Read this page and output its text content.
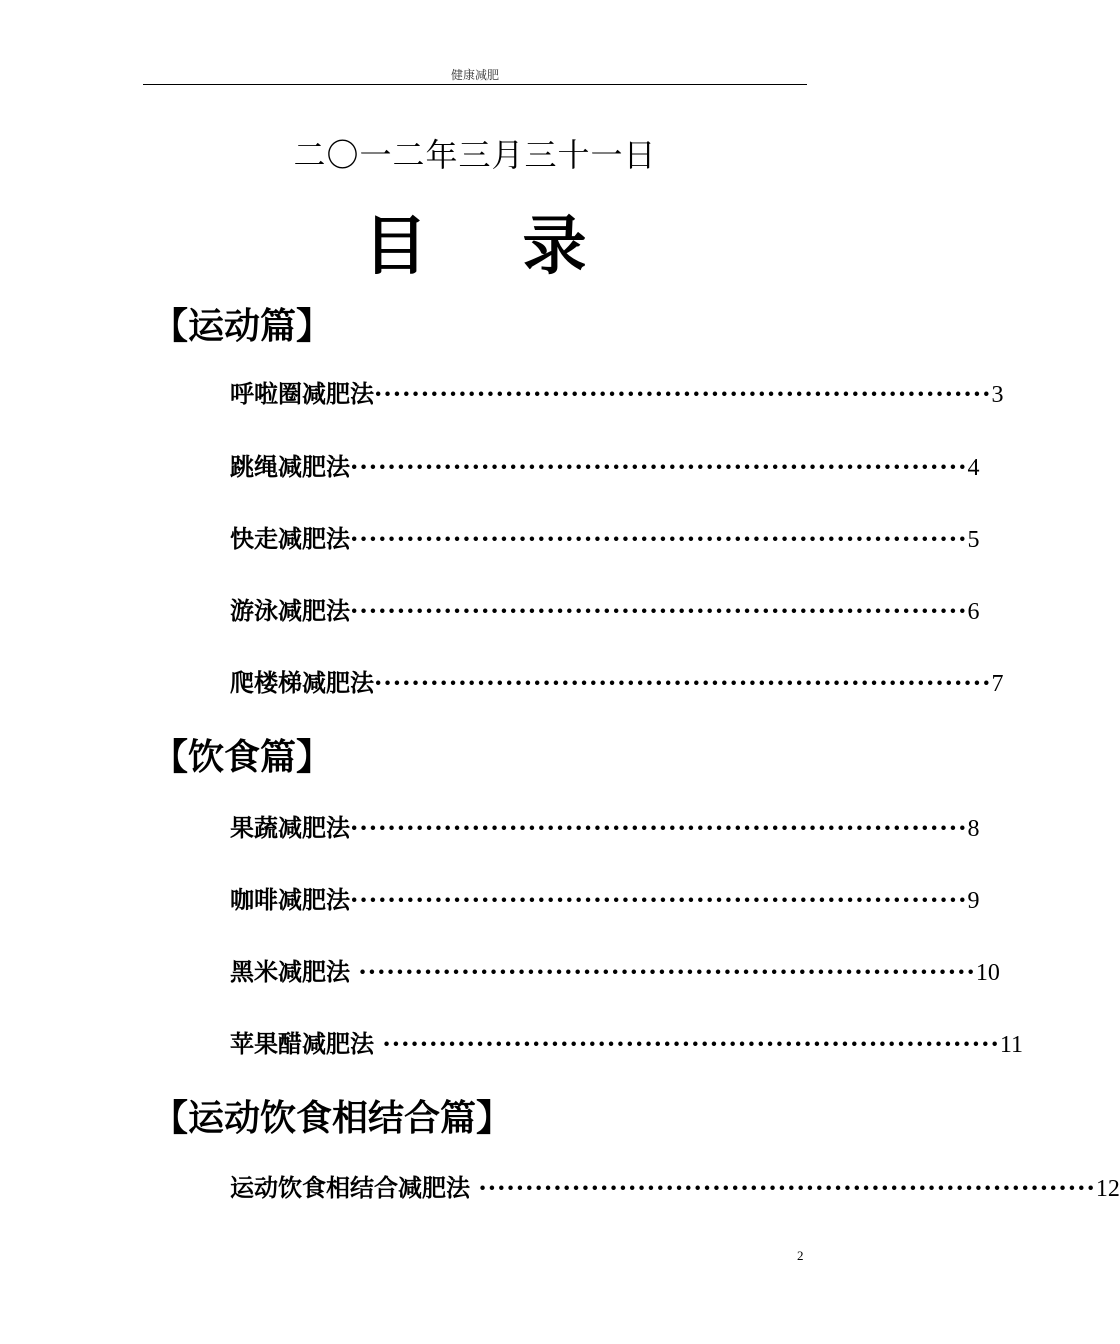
健康减肥
二〇一二年三月三十一日
目 录
【运动篇】
呼啦圈减肥法 ·································································· 3
跳绳减肥法 ·································································· 4
快走减肥法 ·································································· 5
游泳减肥法 ·································································· 6
爬楼梯减肥法 ·································································· 7
【饮食篇】
果蔬减肥法 ·································································· 8
咖啡减肥法 ·································································· 9
黑米减肥法 ·································································· 10
苹果醋减肥法 ·································································· 11
【运动饮食相结合篇】
运动饮食相结合减肥法 ·································································· 12
2
